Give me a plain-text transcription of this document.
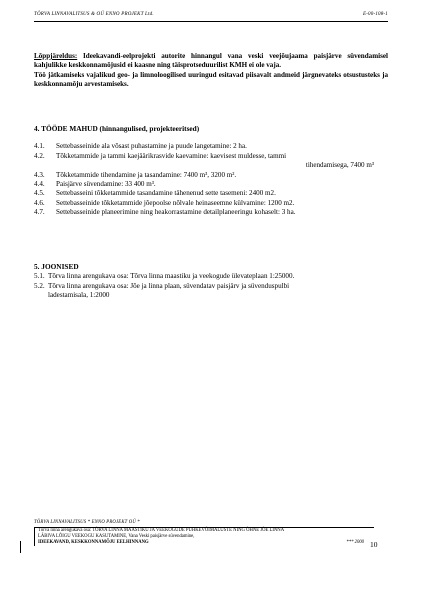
TÕRVA LINNAVALITSUS & OÜ ENNO PROJEKT Ltd.	E-00-108-1

Lõppjäreldus: Ideekavandi-eelprojekti autorite hinnangul vana veski veejõujaama paisjärve süvendamisel kahjulikke keskkonnamõjusid ei kaasne ning täisprotseduurilist KMH ei ole vaja.

Töö jätkamiseks vajalikud geo- ja limnoloogilised uuringud esitavad piisavalt andmeid järgnevateks otsustusteks ja keskkonnamõju arvestamiseks.

4. TÖÖDE MAHUD (hinnangulised, projekteeritsed)
4.1.	Settebasseinide ala võsast puhastamine ja puude langetamine: 2 ha.
4.2.	Tõkketammide ja tammi kaejäärikrasvide kaevamine: kaevisest muldesse, tammi
tihendamisega, 7400 m³
4.3.	Tõkketammide tihendamine ja tasandamine: 7400 m³, 3200 m².
4.4.	Paisjärve süvendamine: 33 400 m³.
4.5.	Settebasseini tõkketammide tasandamine tähenenud sette tasemeni: 2400 m2.
4.6.	Settebasseinide tõkketammide jõepoolse nõlvale heinaseemne külvamine: 1200 m2.
4.7.	Settebasseinide planeerimine ning heakorrastamine detailplaneeringu kohaselt: 3 ha.
5. JOONISED
5.1. Tõrva linna arengukava osa: Tõrva linna maastiku ja veekogude ülevateplaan 1:25000.
5.2. Tõrva linna arengukava osa: Jõe ja linna plaan, süvendatav paisjärv ja süvenduspulbi
ladestamisala, 1:2000
TÕRVA LINNAVALITSUS * ENNO PROJEKT OÜ *
Tõrva linna arengukava osa: TÕRVA LINNA MAASTIKU JA VEEKOGUDE PUHKEVÕIMALUSTE NING ÕHNE JÕE LINNA
LÄBIVA LÕIGU VEEKOGU KASUTAMINE, Vana Veski paisjärve süvendamine,
IDEEKAVAND, KESKKONNAMÕJU EELHINNANG	*** 2000 10
